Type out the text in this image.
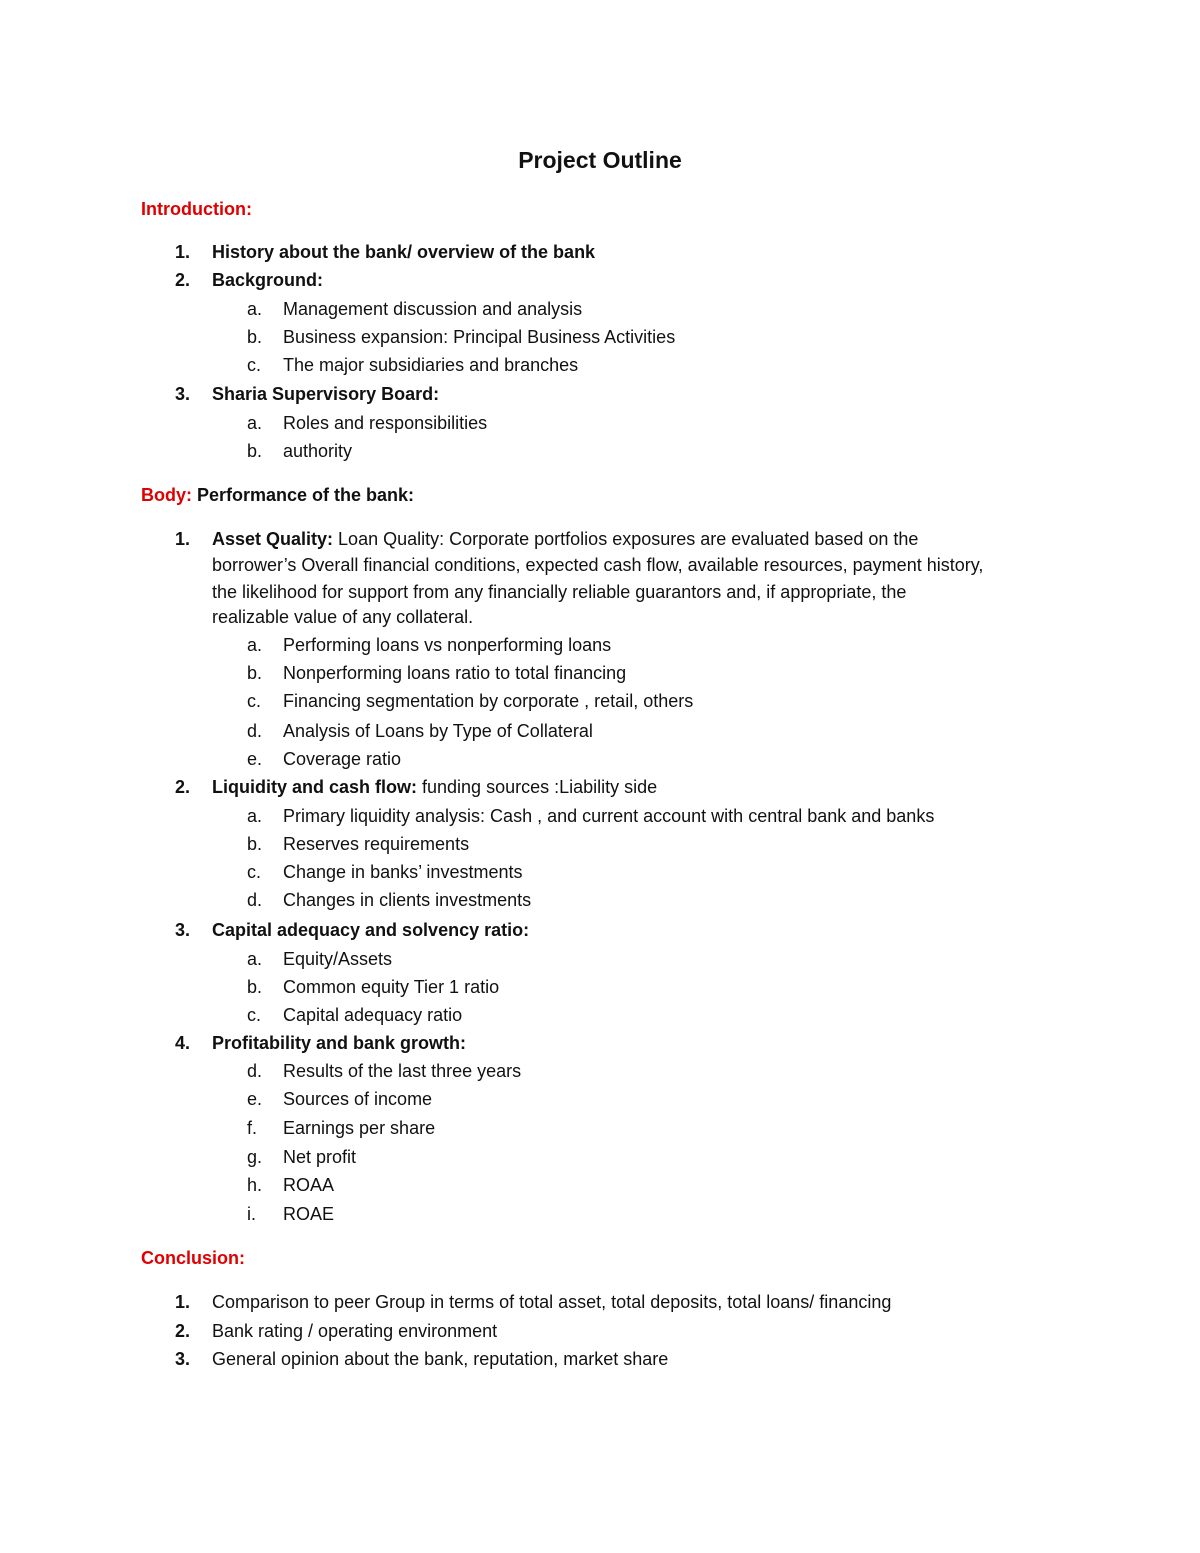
Project Outline
Introduction:
1. History about the bank/ overview of the bank
2. Background:
a. Management discussion and analysis
b. Business expansion: Principal Business Activities
c. The major subsidiaries and branches
3. Sharia Supervisory Board:
a. Roles and responsibilities
b. authority
Body: Performance of the bank:
1. Asset Quality: Loan Quality: Corporate portfolios exposures are evaluated based on the
borrower’s Overall financial conditions, expected cash flow, available resources, payment history,
the likelihood for support from any financially reliable guarantors and, if appropriate, the
realizable value of any collateral.
a. Performing loans vs nonperforming loans
b. Nonperforming loans ratio to total financing
c. Financing segmentation by corporate , retail, others
d. Analysis of Loans by Type of Collateral
e. Coverage ratio
2. Liquidity and cash flow: funding sources :Liability side
a. Primary liquidity analysis: Cash , and current account with central bank and banks
b. Reserves requirements
c. Change in banks’ investments
d. Changes in clients investments
3. Capital adequacy and solvency ratio:
a. Equity/Assets
b. Common equity Tier 1 ratio
c. Capital adequacy ratio
4. Profitability and bank growth:
d. Results of the last three years
e. Sources of income
f. Earnings per share
g. Net profit
h. ROAA
i. ROAE
Conclusion:
1. Comparison to peer Group in terms of total asset, total deposits, total loans/ financing
2. Bank rating / operating environment
3. General opinion about the bank, reputation, market share
